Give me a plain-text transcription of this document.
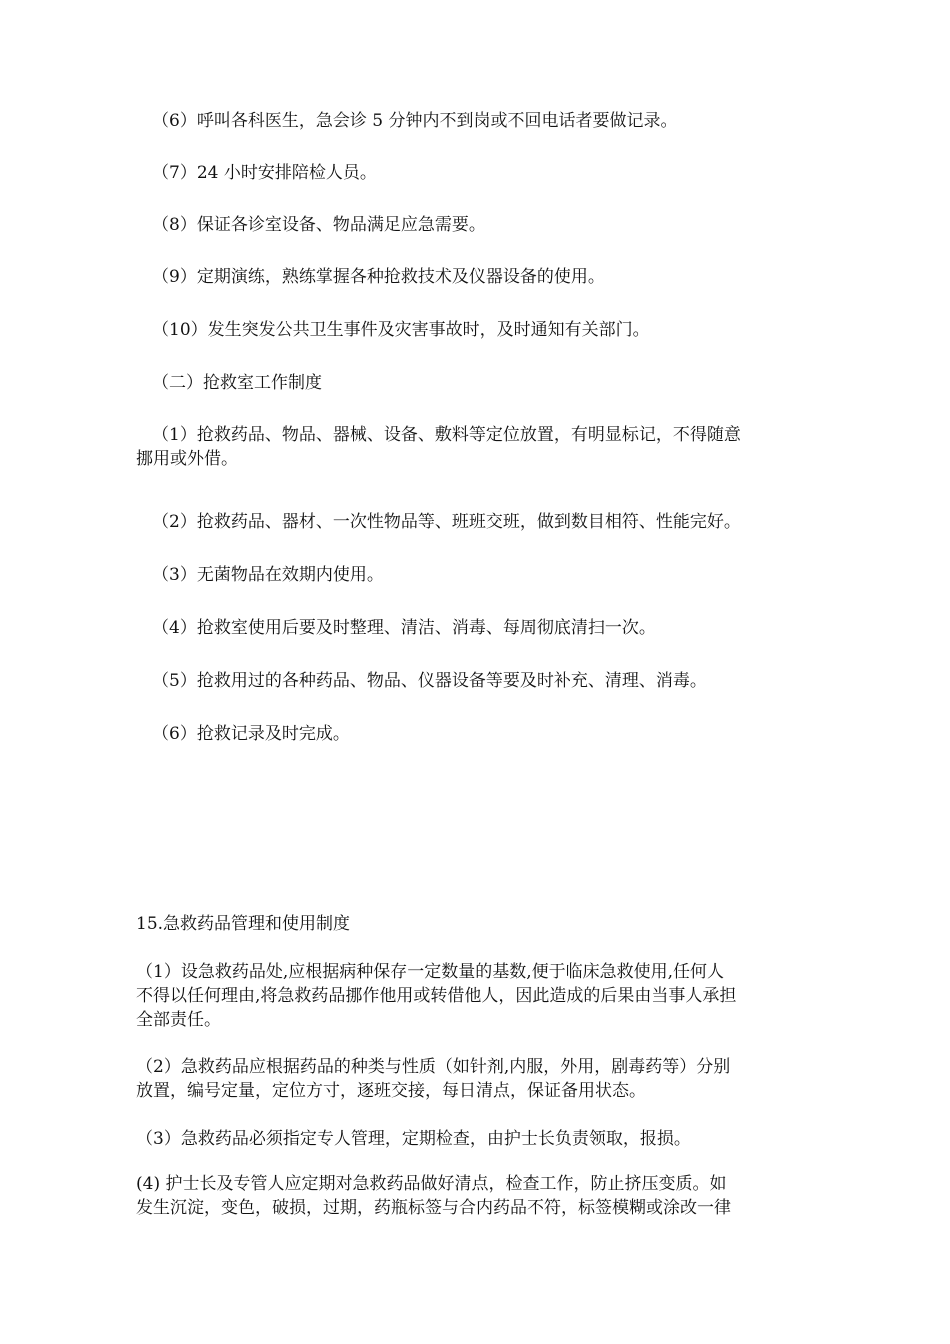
（6）呼叫各科医生，急会诊 5 分钟内不到岗或不回电话者要做记录。

（7）24 小时安排陪检人员。

（8）保证各诊室设备、物品满足应急需要。

（9）定期演练，熟练掌握各种抢救技术及仪器设备的使用。

（10）发生突发公共卫生事件及灾害事故时，及时通知有关部门。

（二）抢救室工作制度

（1）抢救药品、物品、器械、设备、敷料等定位放置，有明显标记，不得随意
挪用或外借。

（2）抢救药品、器材、一次性物品等、班班交班，做到数目相符、性能完好。

（3）无菌物品在效期内使用。

（4）抢救室使用后要及时整理、清洁、消毒、每周彻底清扫一次。

（5）抢救用过的各种药品、物品、仪器设备等要及时补充、清理、消毒。

（6）抢救记录及时完成。

15.急救药品管理和使用制度

（1）设急救药品处,应根据病种保存一定数量的基数,便于临床急救使用,任何人
不得以任何理由,将急救药品挪作他用或转借他人，因此造成的后果由当事人承担
全部责任。
（2）急救药品应根据药品的种类与性质（如针剂,内服，外用，剧毒药等）分别
放置，编号定量，定位方寸，逐班交接，每日清点，保证备用状态。

（3）急救药品必须指定专人管理，定期检查，由护士长负责领取，报损。

(4) 护士长及专管人应定期对急救药品做好清点，检查工作，防止挤压变质。如
发生沉淀，变色，破损，过期，药瓶标签与合内药品不符，标签模糊或涂改一律
